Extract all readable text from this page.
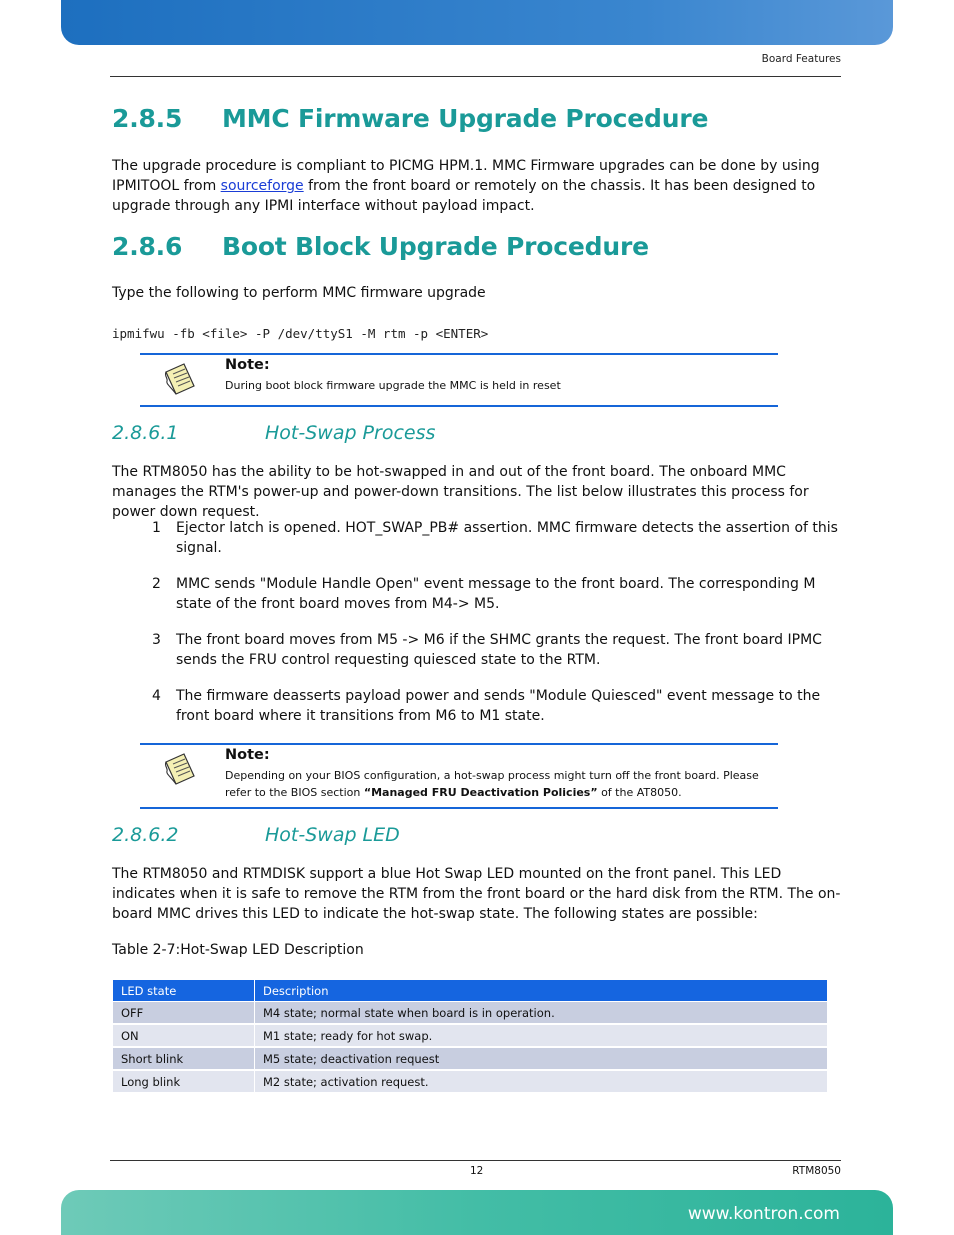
Board Features
2.8.5 MMC Firmware Upgrade Procedure

The upgrade procedure is compliant to PICMG HPM.1. MMC Firmware upgrades can be done by using IPMITOOL from sourceforge from the front board or remotely on the chassis. It has been designed to upgrade through any IPMI interface without payload impact.

2.8.6 Boot Block Upgrade Procedure

Type the following to perform MMC firmware upgrade

ipmifwu -fb <file> -P /dev/ttyS1 -M rtm -p <ENTER>
Note:
During boot block firmware upgrade the MMC is held in reset
2.8.6.1	Hot-Swap Process

The RTM8050 has the ability to be hot-swapped in and out of the front board. The onboard MMC manages the RTM's power-up and power-down transitions. The list below illustrates this process for power down request.

1 Ejector latch is opened. HOT_SWAP_PB# assertion. MMC firmware detects the assertion of this signal.
2 MMC sends "Module Handle Open" event message to the front board. The corresponding M state of the front board moves from M4-> M5.
3 The front board moves from M5 -> M6 if the SHMC grants the request. The front board IPMC sends the FRU control requesting quiesced state to the RTM.
4 The firmware deasserts payload power and sends "Module Quiesced" event message to the front board where it transitions from M6 to M1 state.
Note:
Depending on your BIOS configuration, a hot-swap process might turn off the front board. Please refer to the BIOS section “Managed FRU Deactivation Policies” of the AT8050.
2.8.6.2	Hot-Swap LED

The RTM8050 and RTMDISK support a blue Hot Swap LED mounted on the front panel. This LED indicates when it is safe to remove the RTM from the front board or the hard disk from the RTM. The on-board MMC drives this LED to indicate the hot-swap state. The following states are possible:

Table 2-7:Hot-Swap LED Description
LED state	Description
OFF	M4 state; normal state when board is in operation.
ON	M1 state; ready for hot swap.
Short blink	M5 state; deactivation request
Long blink	M2 state; activation request.
12	RTM8050
www.kontron.com
